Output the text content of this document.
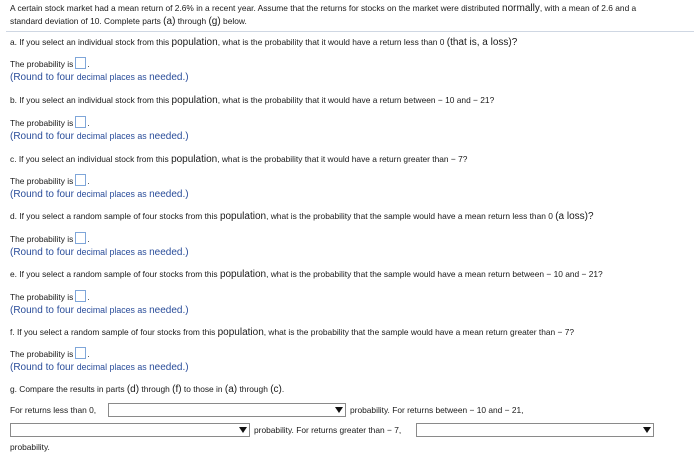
A certain stock market had a mean return of 2.6% in a recent year. Assume that the returns for stocks on the market were distributed normally, with a mean of 2.6 and a
standard deviation of 10. Complete parts (a) through (g) below.
a. If you select an individual stock from this population, what is the probability that it would have a return less than 0 (that is, a loss)?
The probability is .
(Round to four decimal places as needed.)
b. If you select an individual stock from this population, what is the probability that it would have a return between − 10 and − 21?
The probability is .
(Round to four decimal places as needed.)
c. If you select an individual stock from this population, what is the probability that it would have a return greater than − 7?
The probability is .
(Round to four decimal places as needed.)
d. If you select a random sample of four stocks from this population, what is the probability that the sample would have a mean return less than 0 (a loss)?
The probability is .
(Round to four decimal places as needed.)
e. If you select a random sample of four stocks from this population, what is the probability that the sample would have a mean return between − 10 and − 21?
The probability is .
(Round to four decimal places as needed.)
f. If you select a random sample of four stocks from this population, what is the probability that the sample would have a mean return greater than − 7?
The probability is .
(Round to four decimal places as needed.)
g. Compare the results in parts (d) through (f) to those in (a) through (c).
For returns less than 0,	probability. For returns between − 10 and − 21,
probability. For returns greater than − 7,
probability.
